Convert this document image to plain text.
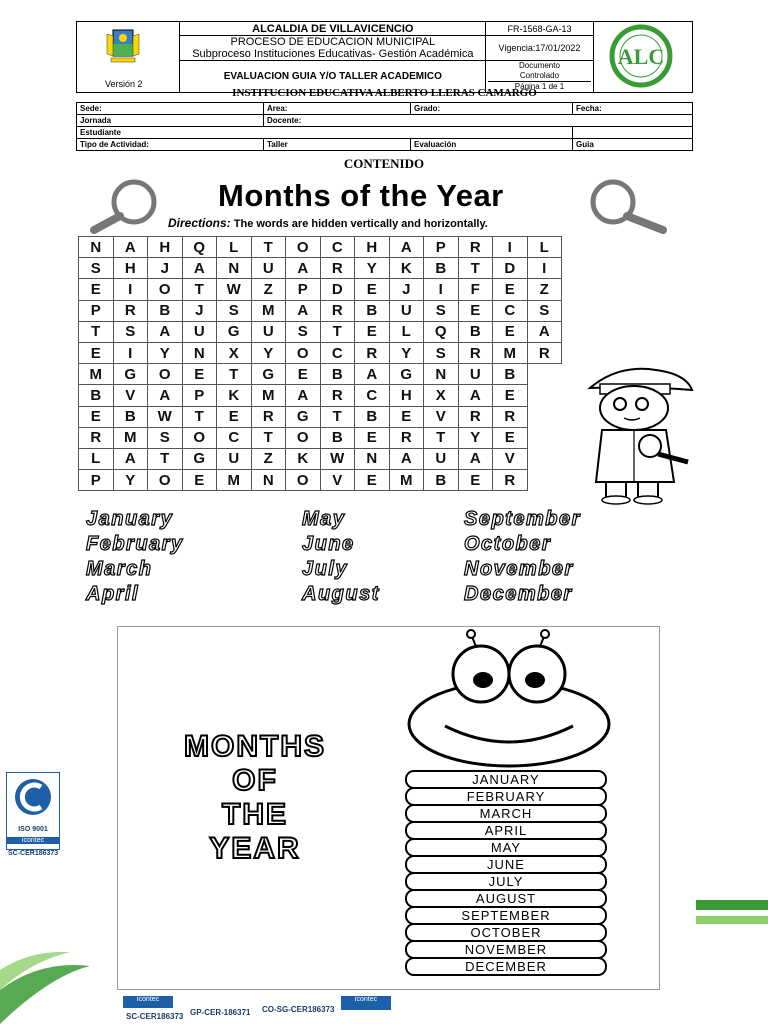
Versión 2	ALCALDIA DE VILLAVICENCIO	FR-1568-GA-13	ALC

	PROCESO DE EDUCACION MUNICIPAL
Subproceso Instituciones Educativas- Gestión Académica	Vigencia:17/01/2022	

	EVALUACION GUIA Y/O TALLER ACADEMICO	Documento
Controlado
Página 1 de 1	
INSTITUCION EDUCATIVA ALBERTO LLERAS CAMARGO
Sede:	Area:	Grado:	Fecha:
Jornada	Docente:		
Estudiante			
Tipo de Actividad:	Taller	Evaluación	Guia
CONTENIDO
Months of the Year
Directions: The words are hidden vertically and horizontally.
N	A	H	Q	L	T	O	C	H	A	P	R	I	L
S	H	J	A	N	U	A	R	Y	K	B	T	D	I
E	I	O	T	W	Z	P	D	E	J	I	F	E	Z
P	R	B	J	S	M	A	R	B	U	S	E	C	S
T	S	A	U	G	U	S	T	E	L	Q	B	E	A
E	I	Y	N	X	Y	O	C	R	Y	S	R	M	R
M	G	O	E	T	G	E	B	A	G	N	U	B	
B	V	A	P	K	M	A	R	C	H	X	A	E	
E	B	W	T	E	R	G	T	B	E	V	R	R	
R	M	S	O	C	T	O	B	E	R	T	Y	E	
L	A	T	G	U	Z	K	W	N	A	U	A	V	
P	Y	O	E	M	N	O	V	E	M	B	E	R	
January	May	September
February	June	October
March	July	November
April	August	December
MONTHS
OF
THE
YEAR
JANUARY
FEBRUARY
MARCH
APRIL
MAY
JUNE
JULY
AUGUST
SEPTEMBER
OCTOBER
NOVEMBER
DECEMBER
ISO 9001
icontec
SC-CER186373
icontec
SC-CER186373 GP-CER-186371 CO-SG-CER186373
icontec
